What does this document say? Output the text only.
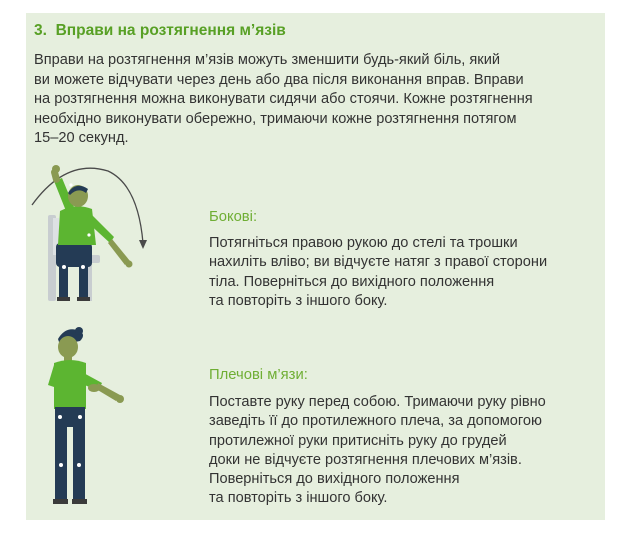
3. Вправи на розтягнення м’язів
Вправи на розтягнення м’язів можуть зменшити будь-який біль, який
ви можете відчувати через день або два після виконання вправ. Вправи
на розтягнення можна виконувати сидячи або стоячи. Кожне розтягнення
необхідно виконувати обережно, тримаючи кожне розтягнення потягом
15–20 секунд.
Бокові:
Потягніться правою рукою до стелі та трошки
нахиліть вліво; ви відчуєте натяг з правої сторони
тіла. Поверніться до вихідного положення
та повторіть з іншого боку.
Плечові м’язи:
Поставте руку перед собою. Тримаючи руку рівно
заведіть її до протилежного плеча, за допомогою
протилежної руки притисніть руку до грудей
доки не відчуєте розтягнення плечових м’язів.
Поверніться до вихідного положення
та повторіть з іншого боку.
